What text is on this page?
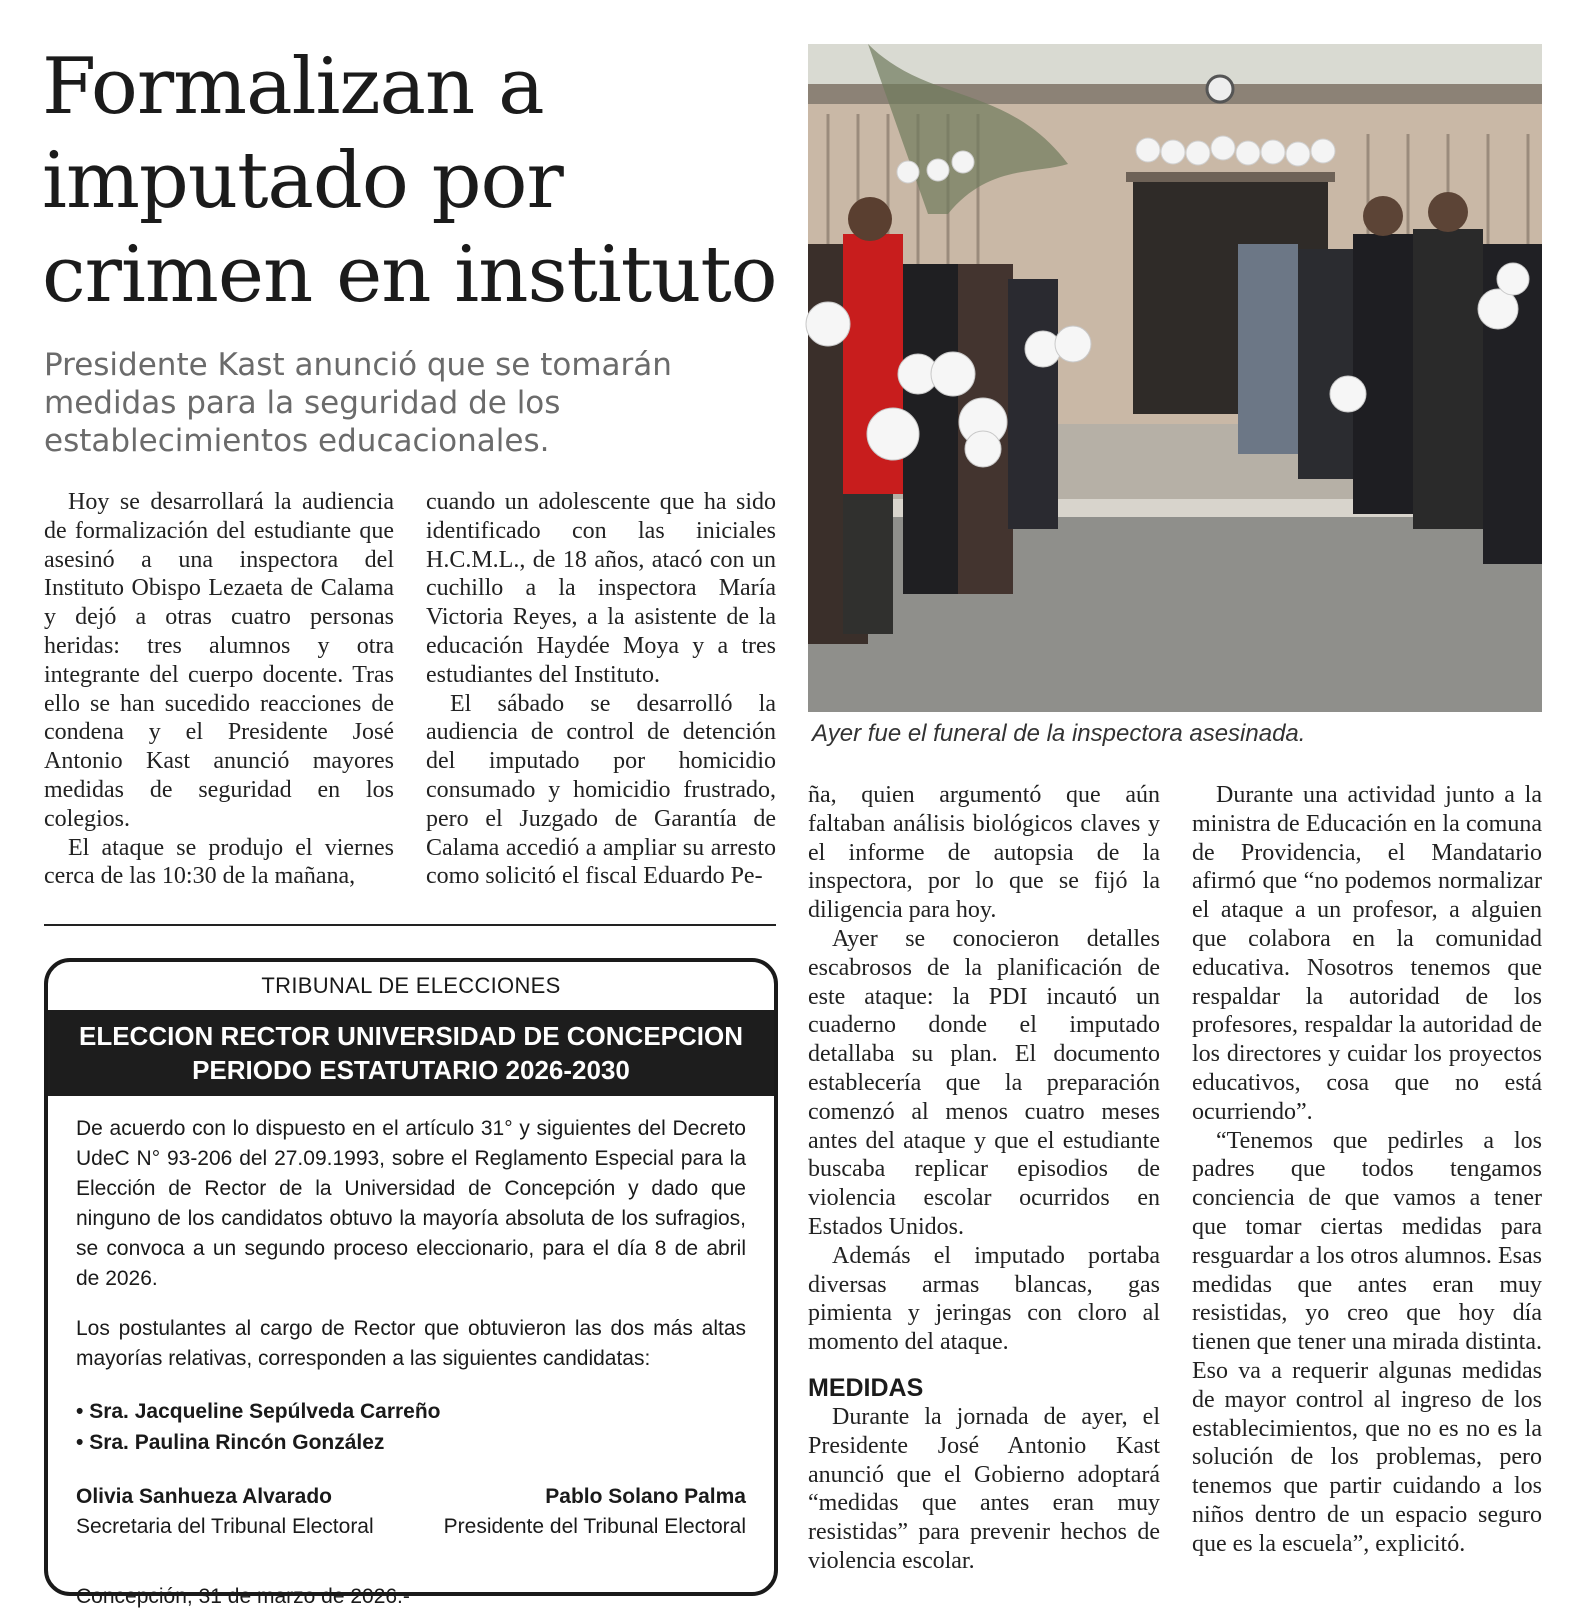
Formalizan a imputado por crimen en instituto

Presidente Kast anunció que se tomarán medidas para la seguridad de los establecimientos educacionales.

Hoy se desarrollará la audiencia de formalización del estudiante que asesinó a una inspectora del Instituto Obispo Lezaeta de Calama y dejó a otras cuatro personas heridas: tres alumnos y otra integrante del cuerpo docente. Tras ello se han sucedido reacciones de condena y el Presidente José Antonio Kast anunció mayores medidas de seguridad en los colegios.

El ataque se produjo el viernes cerca de las 10:30 de la mañana,

cuando un adolescente que ha sido identificado con las iniciales H.C.M.L., de 18 años, atacó con un cuchillo a la inspectora María Victoria Reyes, a la asistente de la educación Haydée Moya y a tres estudiantes del Instituto.

El sábado se desarrolló la audiencia de control de detención del imputado por homicidio consumado y homicidio frustrado, pero el Juzgado de Garantía de Calama accedió a ampliar su arresto como solicitó el fiscal Eduardo Pe-

Ayer fue el funeral de la inspectora asesinada.

ña, quien argumentó que aún faltaban análisis biológicos claves y el informe de autopsia de la inspectora, por lo que se fijó la diligencia para hoy.

Ayer se conocieron detalles escabrosos de la planificación de este ataque: la PDI incautó un cuaderno donde el imputado detallaba su plan. El documento establecería que la preparación comenzó al menos cuatro meses antes del ataque y que el estudiante buscaba replicar episodios de violencia escolar ocurridos en Estados Unidos.

Además el imputado portaba diversas armas blancas, gas pimienta y jeringas con cloro al momento del ataque.

MEDIDAS

Durante la jornada de ayer, el Presidente José Antonio Kast anunció que el Gobierno adoptará “medidas que antes eran muy resistidas” para prevenir hechos de violencia escolar.

Durante una actividad junto a la ministra de Educación en la comuna de Providencia, el Mandatario afirmó que “no podemos normalizar el ataque a un profesor, a alguien que colabora en la comunidad educativa. Nosotros tenemos que respaldar la autoridad de los profesores, respaldar la autoridad de los directores y cuidar los proyectos educativos, cosa que no está ocurriendo”.

“Tenemos que pedirles a los padres que todos tengamos conciencia de que vamos a tener que tomar ciertas medidas para resguardar a los otros alumnos. Esas medidas que antes eran muy resistidas, yo creo que hoy día tienen que tener una mirada distinta. Eso va a requerir algunas medidas de mayor control al ingreso de los establecimientos, que no es no es la solución de los problemas, pero tenemos que partir cuidando a los niños dentro de un espacio seguro que es la escuela”, explicitó.

TRIBUNAL DE ELECCIONES
ELECCION RECTOR UNIVERSIDAD DE CONCEPCION
PERIODO ESTATUTARIO 2026-2030

De acuerdo con lo dispuesto en el artículo 31° y siguientes del Decreto UdeC N° 93-206 del 27.09.1993, sobre el Reglamento Especial para la Elección de Rector de la Universidad de Concepción y dado que ninguno de los candidatos obtuvo la mayoría absoluta de los sufragios, se convoca a un segundo proceso eleccionario, para el día 8 de abril de 2026.

Los postulantes al cargo de Rector que obtuvieron las dos más altas mayorías relativas, corresponden a las siguientes candidatas:

• Sra. Jacqueline Sepúlveda Carreño
• Sra. Paulina Rincón González
Olivia Sanhueza Alvarado
Secretaria del Tribunal Electoral
Pablo Solano Palma
Presidente del Tribunal Electoral

Concepción, 31 de marzo de 2026.-
